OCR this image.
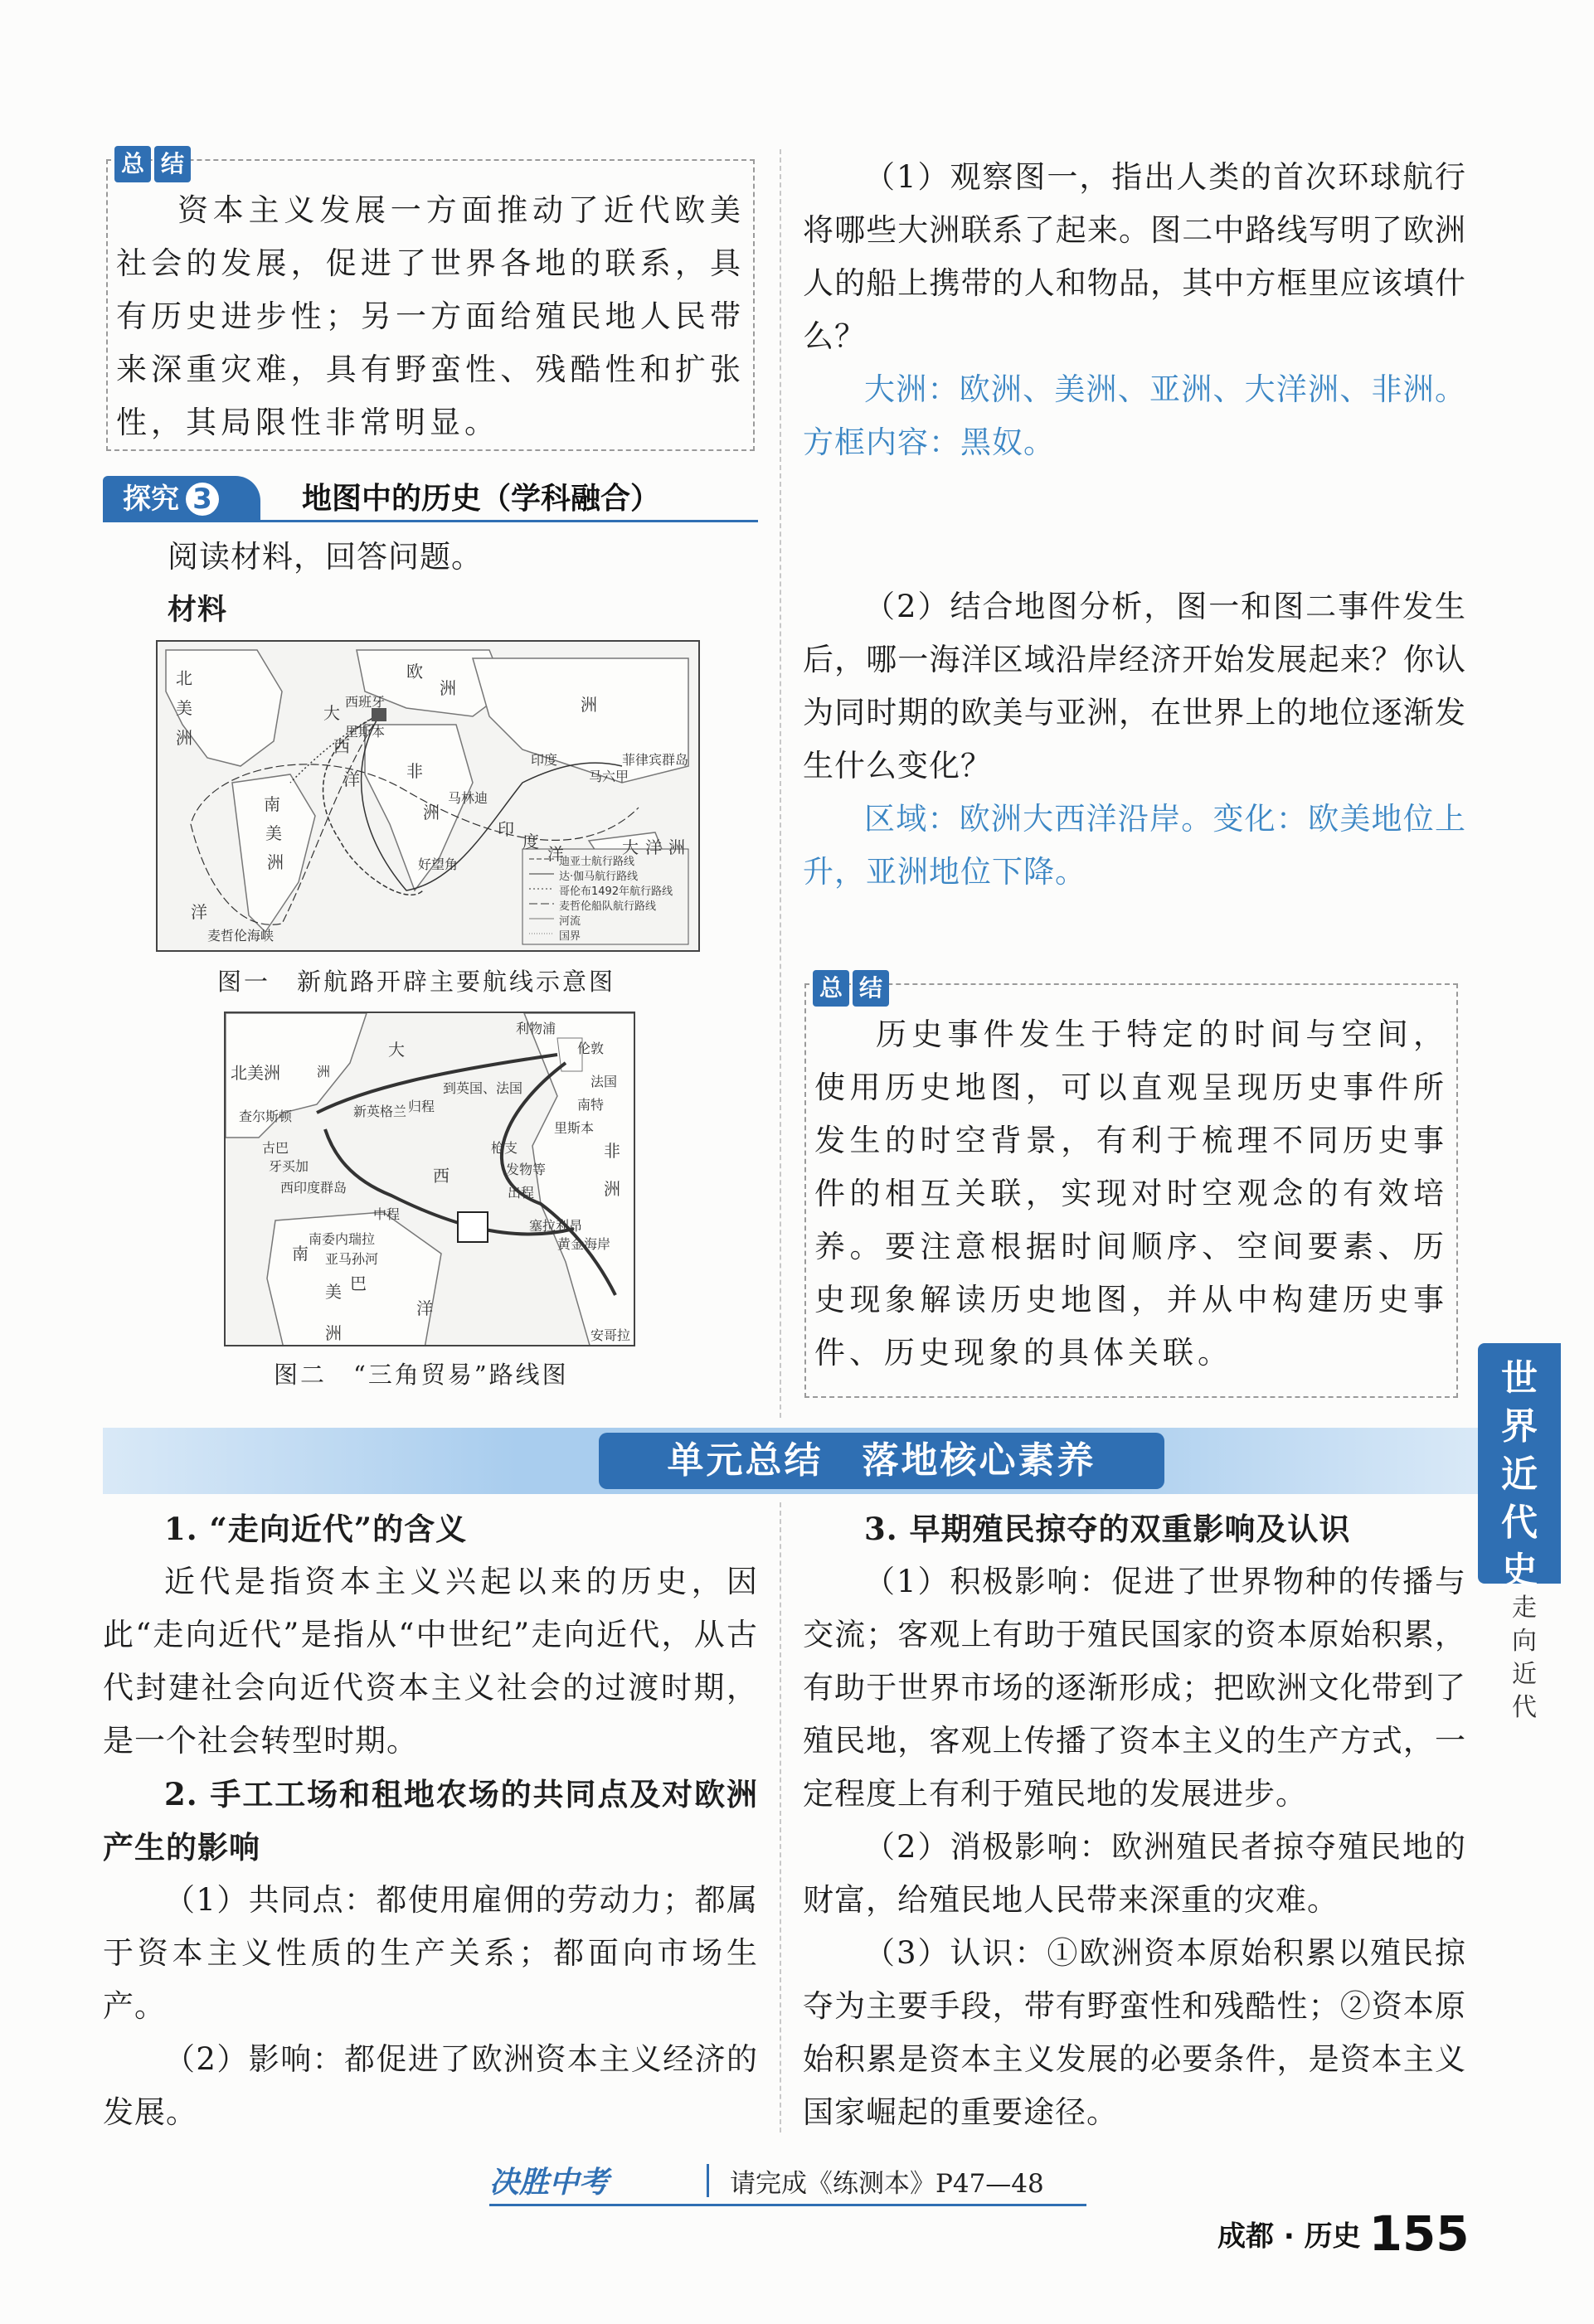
总 结
资本主义发展一方面推动了近代欧美社会的发展，促进了世界各地的联系，具有历史进步性；另一方面给殖民地人民带来深重灾难，具有野蛮性、残酷性和扩张性，其局限性非常明显。
探究 3	地图中的历史（学科融合）
阅读材料，回答问题。
材料
北
美
洲
欧
洲
洲
非
洲
南
美
洲
印
度
洋	大 洋 洲
大
西
洋
洋
西班牙
里斯本
印度
马六甲
菲律宾群岛
好望角
麦哲伦海峡
马林迪
迪亚士航行路线
达·伽马航行路线
哥伦布1492年航行路线
麦哲伦船队航行路线
河流
国界
图一　新航路开辟主要航线示意图
利物浦
伦敦
法国
南特
里斯本
北美洲	洲
查尔斯顿	新英格兰 归程
到英国、法国
古巴
牙买加
西印度群岛
大
西
洋
中程
枪支
发物等
出程
非
洲
塞拉利昂
黄金海岸
南委内瑞拉
亚马孙河
南
美 巴
洲	安哥拉
图二　“三角贸易”路线图
（1）观察图一，指出人类的首次环球航行将哪些大洲联系了起来。图二中路线写明了欧洲人的船上携带的人和物品，其中方框里应该填什么？
大洲：欧洲、美洲、亚洲、大洋洲、非洲。方框内容：黑奴。
（2）结合地图分析，图一和图二事件发生后，哪一海洋区域沿岸经济开始发展起来？你认为同时期的欧美与亚洲，在世界上的地位逐渐发生什么变化？
区域：欧洲大西洋沿岸。变化：欧美地位上升，亚洲地位下降。
总 结
历史事件发生于特定的时间与空间，使用历史地图，可以直观呈现历史事件所发生的时空背景，有利于梳理不同历史事件的相互关联，实现对时空观念的有效培养。要注意根据时间顺序、空间要素、历史现象解读历史地图，并从中构建历史事件、历史现象的具体关联。
单元总结　落地核心素养
1. “走向近代”的含义
近代是指资本主义兴起以来的历史，因此“走向近代”是指从“中世纪”走向近代，从古代封建社会向近代资本主义社会的过渡时期，是一个社会转型时期。
2. 手工工场和租地农场的共同点及对欧洲产生的影响
（1）共同点：都使用雇佣的劳动力；都属于资本主义性质的生产关系；都面向市场生产。
（2）影响：都促进了欧洲资本主义经济的发展。
3. 早期殖民掠夺的双重影响及认识
（1）积极影响：促进了世界物种的传播与交流；客观上有助于殖民国家的资本原始积累，有助于世界市场的逐渐形成；把欧洲文化带到了殖民地，客观上传播了资本主义的生产方式，一定程度上有利于殖民地的发展进步。
（2）消极影响：欧洲殖民者掠夺殖民地的财富，给殖民地人民带来深重的灾难。
（3）认识：①欧洲资本原始积累以殖民掠夺为主要手段，带有野蛮性和残酷性；②资本原始积累是资本主义发展的必要条件，是资本主义国家崛起的重要途径。
世
界
近
代
史
走
向
近
代
决胜中考	请完成《练测本》P47—48
成都 · 历史 155
